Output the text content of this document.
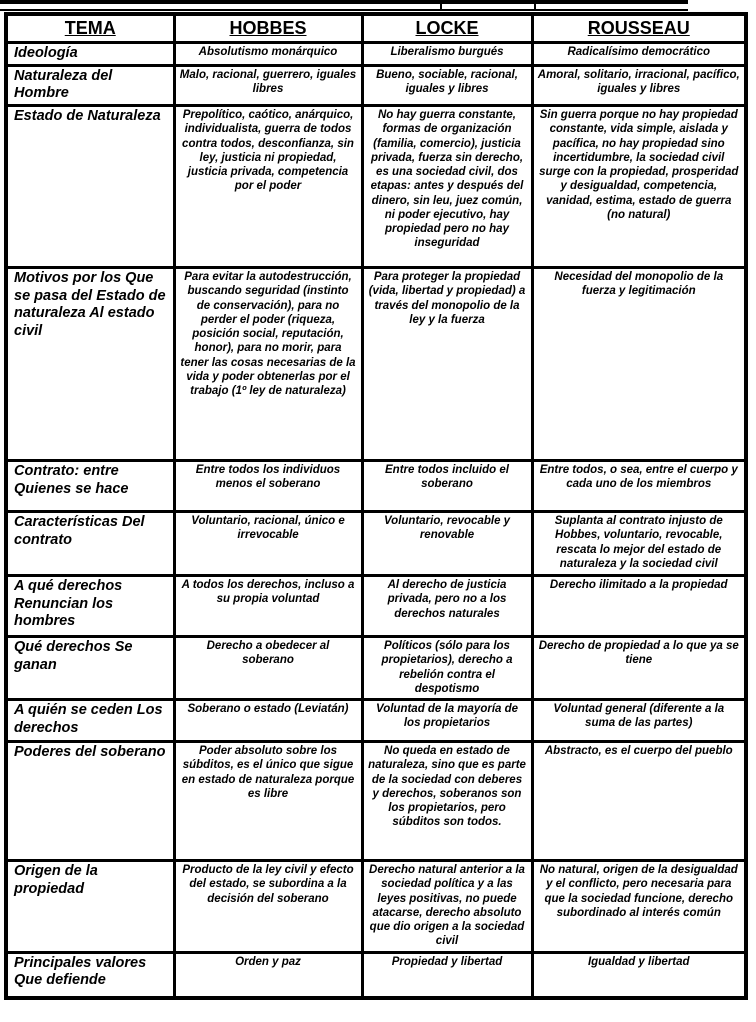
TEMA	HOBBES	LOCKE	ROUSSEAU
Ideología	Absolutismo monárquico	Liberalismo burgués	Radicalísimo democrático
Naturaleza del Hombre	Malo, racional, guerrero, iguales libres	Bueno, sociable, racional, iguales y libres	Amoral, solitario, irracional, pacífico, iguales y libres
Estado de Naturaleza	Prepolítico, caótico, anárquico, individualista, guerra de todos contra todos, desconfianza, sin ley, justicia ni propiedad, justicia privada, competencia por el poder	No hay guerra constante, formas de organización (familia, comercio), justicia privada, fuerza sin derecho, es una sociedad civil, dos etapas: antes y después del dinero, sin leu, juez común, ni poder ejecutivo, hay propiedad pero no hay inseguridad	Sin guerra porque no hay propiedad constante, vida simple, aislada y pacífica, no hay propiedad sino incertidumbre, la sociedad civil surge con la propiedad, prosperidad y desigualdad, competencia, vanidad, estima, estado de guerra (no natural)
Motivos por los Que se pasa del Estado de naturaleza Al estado civil	Para evitar la autodestrucción, buscando seguridad (instinto de conservación), para no perder el poder (riqueza, posición social, reputación, honor), para no morir, para tener las cosas necesarias de la vida y poder obtenerlas por el trabajo (1º ley de naturaleza)	Para proteger la propiedad (vida, libertad y propiedad) a través del monopolio de la ley y la fuerza	Necesidad del monopolio de la fuerza y legitimación
Contrato: entre Quienes se hace	Entre todos los individuos menos el soberano	Entre todos incluido el soberano	Entre todos, o sea, entre el cuerpo y cada uno de los miembros
Características Del contrato	Voluntario, racional, único e irrevocable	Voluntario, revocable y renovable	Suplanta al contrato injusto de Hobbes, voluntario, revocable, rescata lo mejor del estado de naturaleza y la sociedad civil
A qué derechos Renuncian los hombres	A todos los derechos, incluso a su propia voluntad	Al derecho de justicia privada, pero no a los derechos naturales	Derecho ilimitado a la propiedad
Qué derechos Se ganan	Derecho a obedecer al soberano	Políticos (sólo para los propietarios), derecho a rebelión contra el despotismo	Derecho de propiedad a lo que ya se tiene
A quién se ceden Los derechos	Soberano o estado (Leviatán)	Voluntad de la mayoría de los propietarios	Voluntad general (diferente a la suma de las partes)
Poderes del soberano	Poder absoluto sobre los súbditos, es el único que sigue en estado de naturaleza porque es libre	No queda en estado de naturaleza, sino que es parte de la sociedad con deberes y derechos, soberanos son los propietarios, pero súbditos son todos.	Abstracto, es el cuerpo del pueblo
Origen de la propiedad	Producto de la ley civil y efecto del estado, se subordina a la decisión del soberano	Derecho natural anterior a la sociedad política y a las leyes positivas, no puede atacarse, derecho absoluto que dio origen a la sociedad civil	No natural, origen de la desigualdad y el conflicto, pero necesaria para que la sociedad funcione, derecho subordinado al interés común
Principales valores Que defiende	Orden y paz	Propiedad y libertad	Igualdad y libertad
